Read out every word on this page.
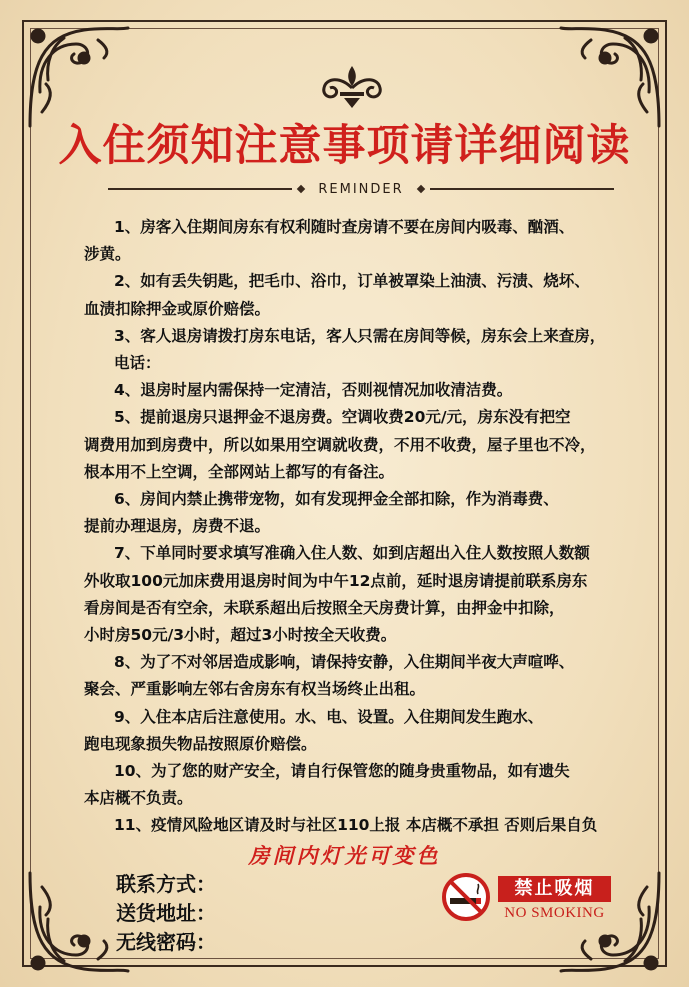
入住须知注意事项请详细阅读
REMINDER

1、房客入住期间房东有权利随时查房请不要在房间内吸毒、酗酒、

涉黄。

2、如有丢失钥匙，把毛巾、浴巾，订单被罩染上油渍、污渍、烧坏、

血渍扣除押金或原价赔偿。

3、客人退房请拨打房东电话，客人只需在房间等候，房东会上来查房，

电话：

4、退房时屋内需保持一定清洁，否则视情况加收清洁费。

5、提前退房只退押金不退房费。空调收费20元/元，房东没有把空

调费用加到房费中，所以如果用空调就收费，不用不收费，屋子里也不冷，

根本用不上空调，全部网站上都写的有备注。

6、房间内禁止携带宠物，如有发现押金全部扣除，作为消毒费、

提前办理退房，房费不退。

7、下单同时要求填写准确入住人数、如到店超出入住人数按照人数额

外收取100元加床费用退房时间为中午12点前，延时退房请提前联系房东

看房间是否有空余，未联系超出后按照全天房费计算，由押金中扣除，

小时房50元/3小时，超过3小时按全天收费。

8、为了不对邻居造成影响，请保持安静，入住期间半夜大声喧哗、

聚会、严重影响左邻右舍房东有权当场终止出租。

9、入住本店后注意使用。水、电、设置。入住期间发生跑水、

跑电现象损失物品按照原价赔偿。

10、为了您的财产安全，请自行保管您的随身贵重物品，如有遗失

本店概不负责。

11、疫情风险地区请及时与社区110上报 本店概不承担 否则后果自负

房间内灯光可变色
联系方式：
送货地址：
无线密码：
禁止吸烟
NO SMOKING
